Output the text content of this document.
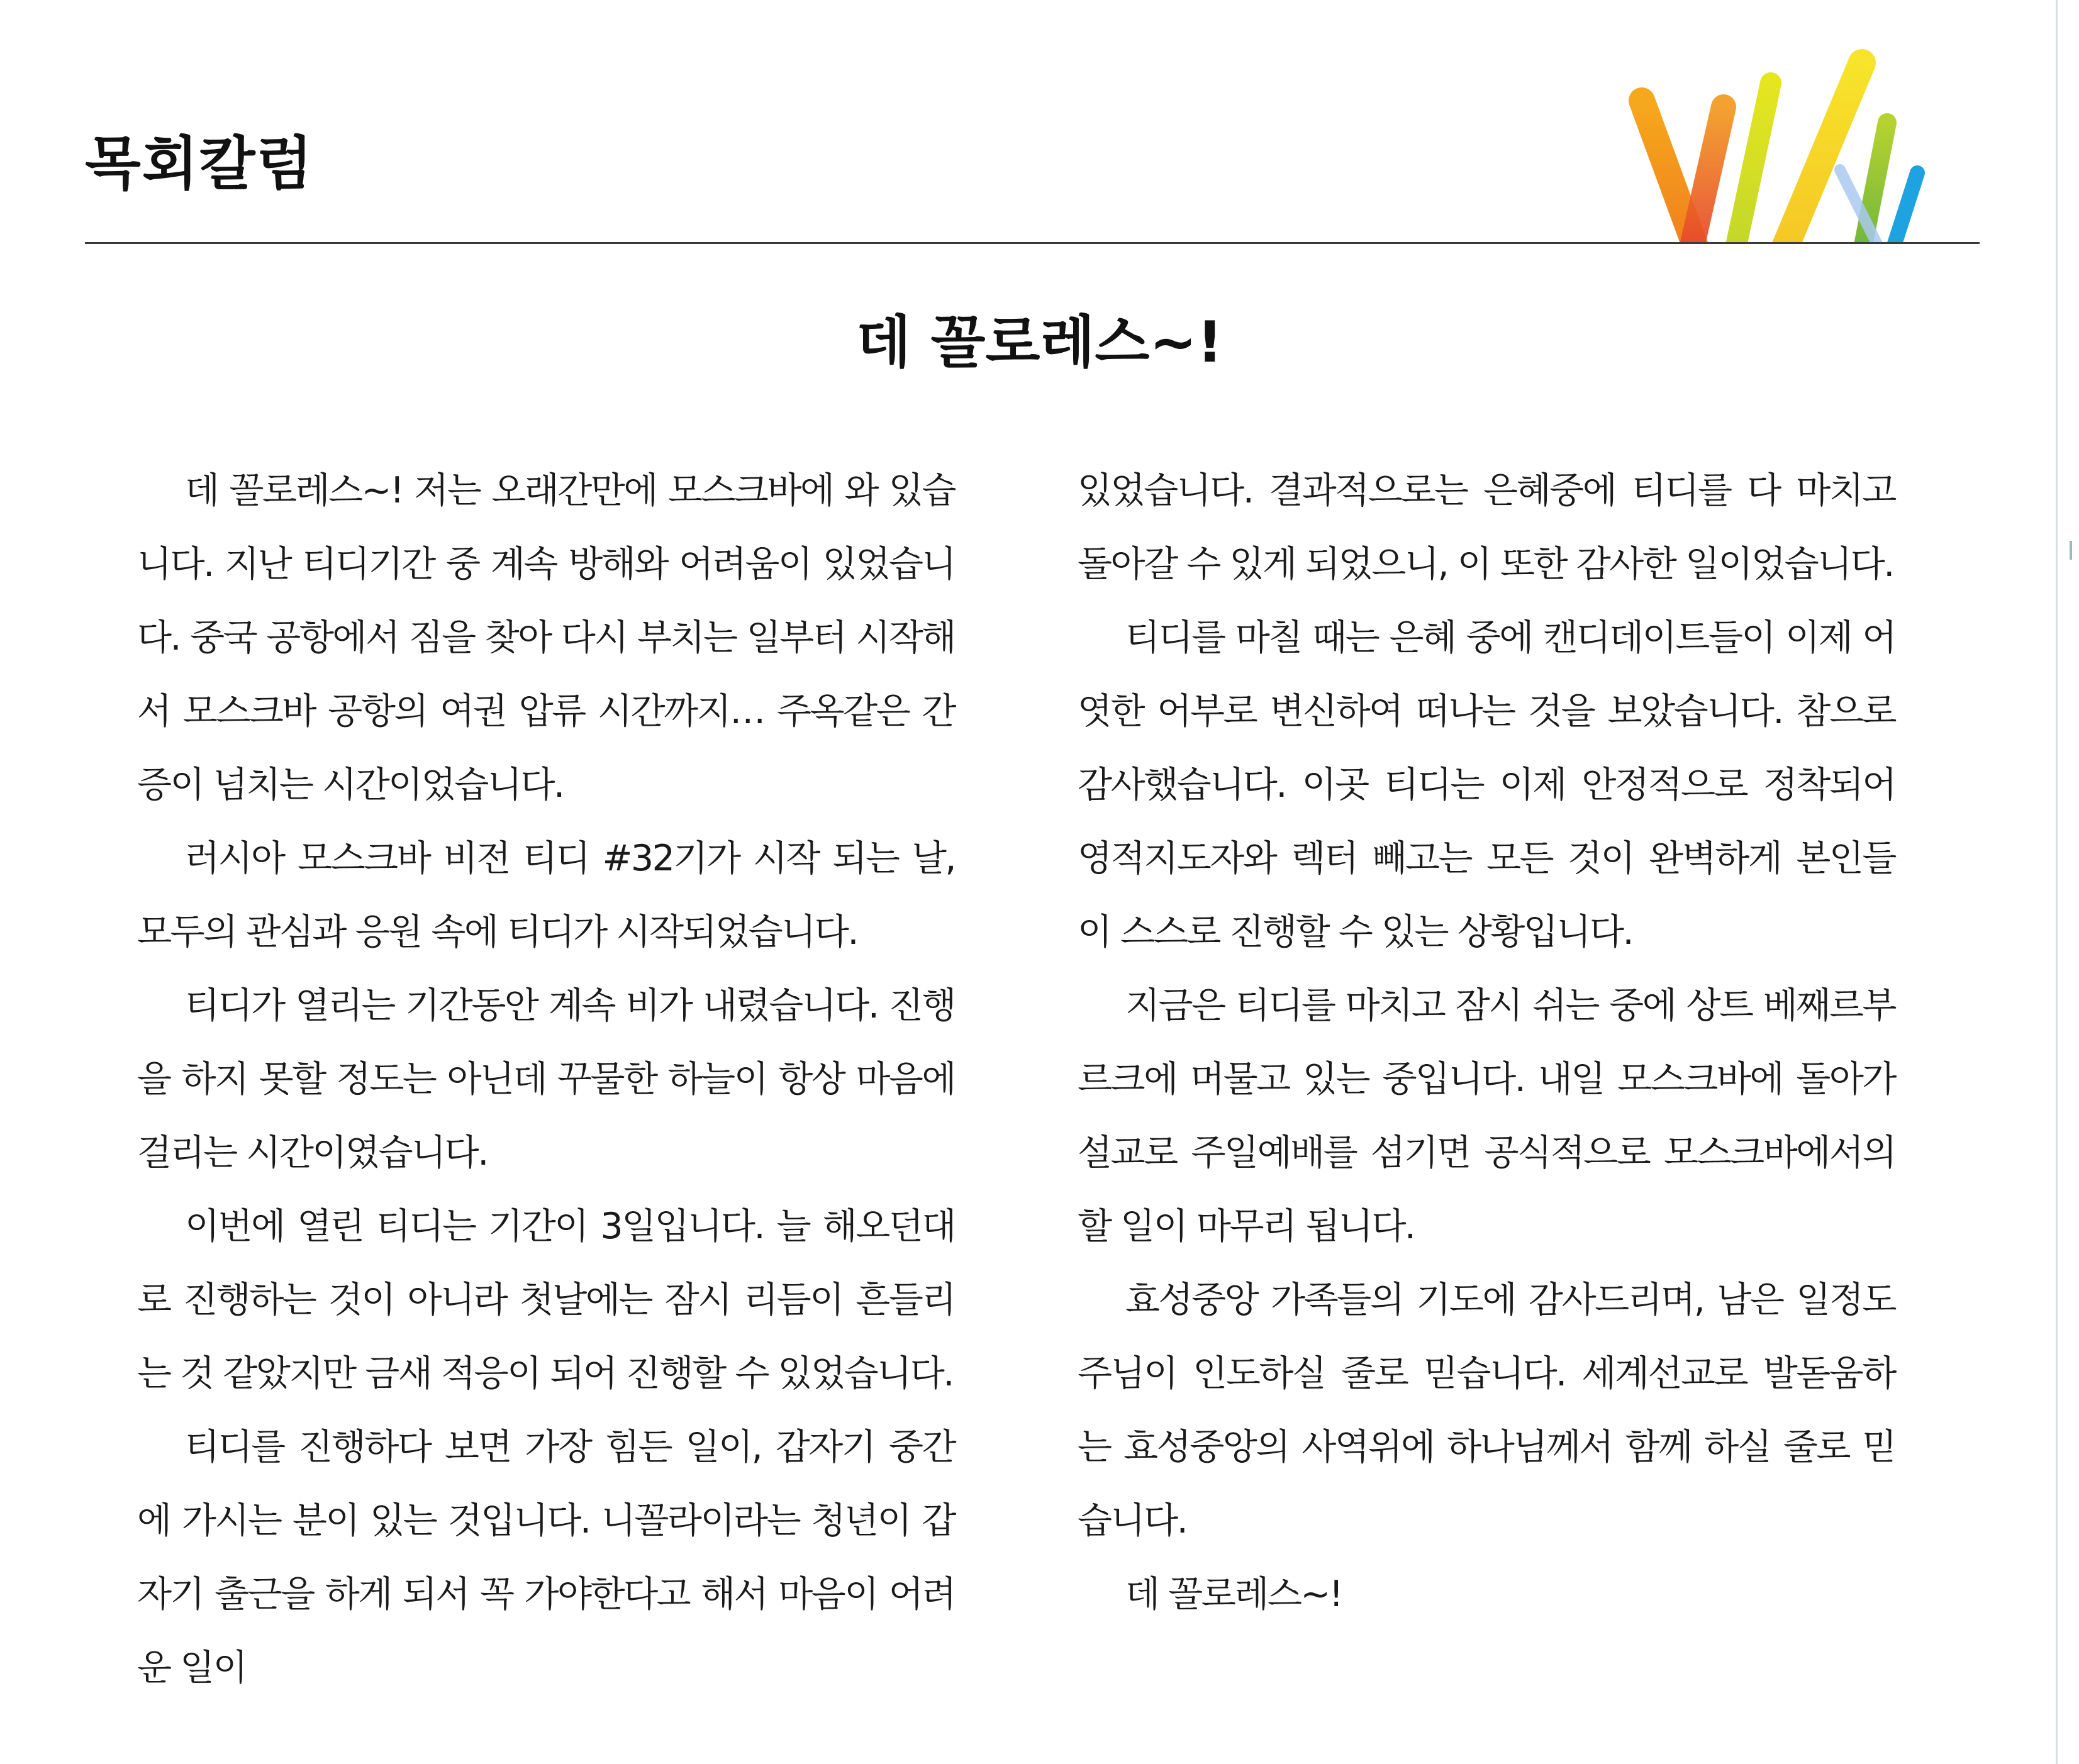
목회칼럼
데 꼴로레스~!

데 꼴로레스~! 저는 오래간만에 모스크바에 와 있습니다. 지난 티디기간 중 계속 방해와 어려움이 있었습니다. 중국 공항에서 짐을 찾아 다시 부치는 일부터 시작해서 모스크바 공항의 여권 압류 시간까지… 주옥같은 간증이 넘치는 시간이었습니다.

러시아 모스크바 비전 티디 #32기가 시작 되는 날, 모두의 관심과 응원 속에 티디가 시작되었습니다.

티디가 열리는 기간동안 계속 비가 내렸습니다. 진행을 하지 못할 정도는 아닌데 꾸물한 하늘이 항상 마음에 걸리는 시간이였습니다.

이번에 열린 티디는 기간이 3일입니다. 늘 해오던대로 진행하는 것이 아니라 첫날에는 잠시 리듬이 흔들리는 것 같았지만 금새 적응이 되어 진행할 수 있었습니다.

티디를 진행하다 보면 가장 힘든 일이, 갑자기 중간에 가시는 분이 있는 것입니다. 니꼴라이라는 청년이 갑자기 출근을 하게 되서 꼭 가야한다고 해서 마음이 어려운 일이

있었습니다. 결과적으로는 은혜중에 티디를 다 마치고 돌아갈 수 있게 되었으니, 이 또한 감사한 일이었습니다.

티디를 마칠 때는 은혜 중에 캔디데이트들이 이제 어엿한 어부로 변신하여 떠나는 것을 보았습니다. 참으로 감사했습니다. 이곳 티디는 이제 안정적으로 정착되어 영적지도자와 렉터 빼고는 모든 것이 완벽하게 본인들이 스스로 진행할 수 있는 상황입니다.

지금은 티디를 마치고 잠시 쉬는 중에 상트 베째르부르크에 머물고 있는 중입니다. 내일 모스크바에 돌아가 설교로 주일예배를 섬기면 공식적으로 모스크바에서의 할 일이 마무리 됩니다.

효성중앙 가족들의 기도에 감사드리며, 남은 일정도 주님이 인도하실 줄로 믿습니다. 세계선교로 발돋움하는 효성중앙의 사역위에 하나님께서 함께 하실 줄로 믿습니다.

데 꼴로레스~!
